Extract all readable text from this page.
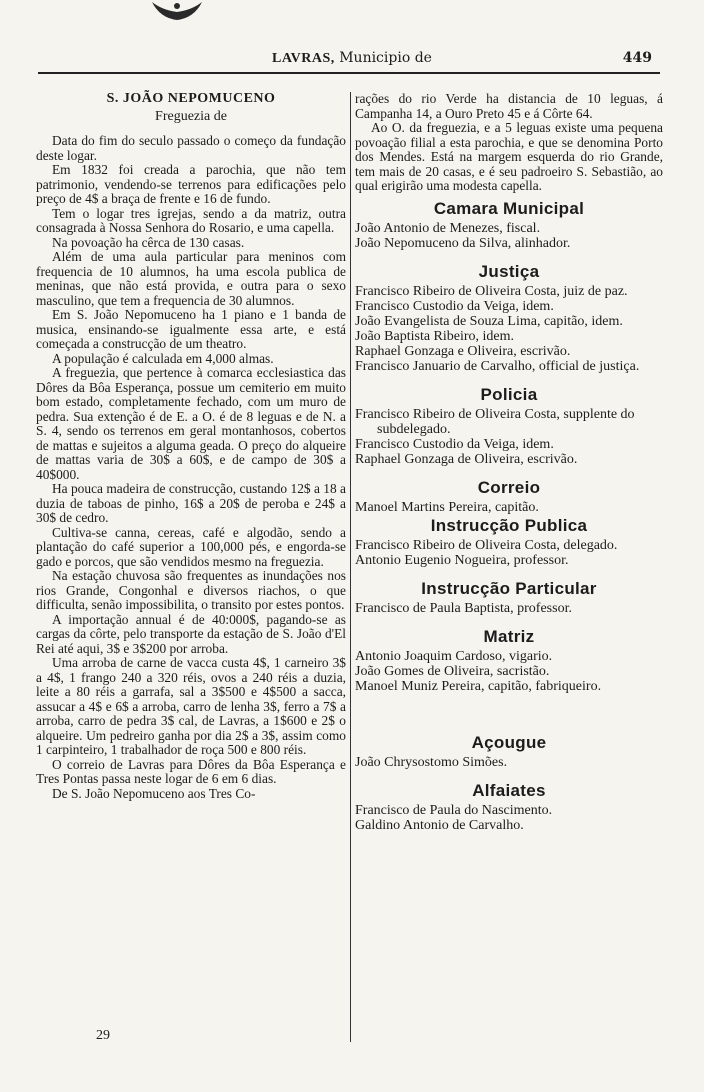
LAVRAS, Municipio de	449
S. JOÃO NEPOMUCENO
Freguezia de

Data do fim do seculo passado o começo da fundação deste logar.

Em 1832 foi creada a parochia, que não tem patrimonio, vendendo-se terrenos para edificações pelo preço de 4$ a braça de frente e 16 de fundo.

Tem o logar tres igrejas, sendo a da matriz, outra consagrada à Nossa Senhora do Rosario, e uma capella.

Na povoação ha cêrca de 130 casas.

Além de uma aula particular para meninos com frequencia de 10 alumnos, ha uma escola publica de meninas, que não está provida, e outra para o sexo masculino, que tem a frequencia de 30 alumnos.

Em S. João Nepomuceno ha 1 piano e 1 banda de musica, ensinando-se igualmente essa arte, e está começada a construcção de um theatro.

A população é calculada em 4,000 almas.

A freguezia, que pertence à comarca ecclesiastica das Dôres da Bôa Esperança, possue um cemiterio em muito bom estado, completamente fechado, com um muro de pedra. Sua extenção é de E. a O. é de 8 leguas e de N. a S. 4, sendo os terrenos em geral montanhosos, cobertos de mattas e sujeitos a alguma geada. O preço do alqueire de mattas varia de 30$ a 60$, e de campo de 30$ a 40$000.

Ha pouca madeira de construcção, custando 12$ a 18 a duzia de taboas de pinho, 16$ a 20$ de peroba e 24$ a 30$ de cedro.

Cultiva-se canna, cereas, café e algodão, sendo a plantação do café superior a 100,000 pés, e engorda-se gado e porcos, que são vendidos mesmo na freguezia.

Na estação chuvosa são frequentes as inundações nos rios Grande, Congonhal e diversos riachos, o que difficulta, senão impossibilita, o transito por estes pontos.

A importação annual é de 40:000$, pagando-se as cargas da côrte, pelo transporte da estação de S. João d'El Rei até aqui, 3$ e 3$200 por arroba.

Uma arroba de carne de vacca custa 4$, 1 carneiro 3$ a 4$, 1 frango 240 a 320 réis, ovos a 240 réis a duzia, leite a 80 réis a garrafa, sal a 3$500 e 4$500 a sacca, assucar a 4$ e 6$ a arroba, carro de lenha 3$, ferro a 7$ a arroba, carro de pedra 3$ cal, de Lavras, a 1$600 e 2$ o alqueire. Um pedreiro ganha por dia 2$ a 3$, assim como 1 carpinteiro, 1 trabalhador de roça 500 e 800 réis.

O correio de Lavras para Dôres da Bôa Esperança e Tres Pontas passa neste logar de 6 em 6 dias.

De S. João Nepomuceno aos Tres Co-

29

rações do rio Verde ha distancia de 10 leguas, á Campanha 14, a Ouro Preto 45 e á Côrte 64.

Ao O. da freguezia, e a 5 leguas existe uma pequena povoação filial a esta parochia, e que se denomina Porto dos Mendes. Está na margem esquerda do rio Grande, tem mais de 20 casas, e é seu padroeiro S. Sebastião, ao qual erigirão uma modesta capella.

Camara Municipal

João Antonio de Menezes, fiscal.

João Nepomuceno da Silva, alinhador.

Justiça

Francisco Ribeiro de Oliveira Costa, juiz de paz.

Francisco Custodio da Veiga, idem.

João Evangelista de Souza Lima, capitão, idem.

João Baptista Ribeiro, idem.

Raphael Gonzaga e Oliveira, escrivão.

Francisco Januario de Carvalho, official de justiça.

Policia

Francisco Ribeiro de Oliveira Costa, supplente do subdelegado.

Francisco Custodio da Veiga, idem.

Raphael Gonzaga de Oliveira, escrivão.

Correio

Manoel Martins Pereira, capitão.

Instrucção Publica

Francisco Ribeiro de Oliveira Costa, delegado.

Antonio Eugenio Nogueira, professor.

Instrucção Particular

Francisco de Paula Baptista, professor.

Matriz

Antonio Joaquim Cardoso, vigario.

João Gomes de Oliveira, sacristão.

Manoel Muniz Pereira, capitão, fabriqueiro.

Açougue

João Chrysostomo Simões.

Alfaiates

Francisco de Paula do Nascimento.

Galdino Antonio de Carvalho.
